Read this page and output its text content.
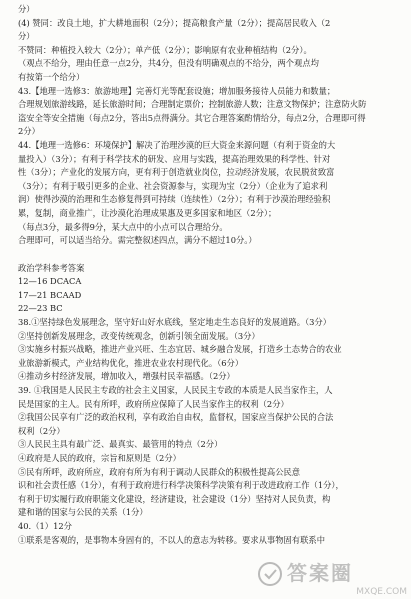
分）
(4) 赞同：改良土地，扩大耕地面积（2分）；提高粮食产量（2分）；提高居民收入（2
分）
不赞同：种植投入较大（2分）；单产低（2分）；影响原有农业种植结构（2分）。
（观点不给分，理由任意一点2分，共4分，但没有明确观点的不给分，两个观点均
有按第一个给分）
43.【地理一选修3：旅游地理】完善灯光等配套设施；增加服务接待人员能力和数量；
合理规划旅游线路，延长旅游时间；合理制定票价；控制旅游人数；注意文物保护；注意防火防
盗安全等安全措施（每点2分，答出5点得满分。其它合理答案酌情给分，每点2分，合理即可得
2分）
44.【地理一选修6：环境保护】解决了治理沙漠的巨大资金来源问题（有利于资金的大
量投入）（3分）；有利于科学技术的研发、应用与实践，提高治理效果的科学性、针对
性（3分）；产业化的发展方向，更有利于创造就业岗位，拉动经济发展，农民脱贫致富
（3分）；有利于吸引更多的企业、社会资源参与，实现为宝（2分）（企业为了追求利
润）使得沙漠的治理和生态修复得到可持续（连续性）（2分）；有利于沙漠治理经验积
累，复制，商业推广，让沙漠化治理成果惠及更多国家和地区（2分）；
（每点3分，最多得9分，某大点中的小点可以合理给分。
合理即可，可以适当给分。需完整叙述四点，满分不超过10分。）
政治学科参考答案
12—16 DCACA
17—21 BCAAD
22—23 BC
38.①坚持绿色发展理念，坚守好山好水底线，坚定地走生态良好的发展道路。（3分）
②坚持创新发展理念，改变传统观念，创新引领全面发展。（3分）
③实施乡村振兴战略，推进产业兴旺、生态宜居、城乡融合发展，打造乡土态势合的农业
业旅游新模式，产业结构优化，推进农业农村现代化。（6分）
④推动乡村经济发展，增加收入，增强村民幸福感。（2分）
39. ①我国是人民民主专政的社会主义国家，人民民主专政的本质是人民当家作主，人
民是国家的主人。民有所呼，政府所应保障了人民当家作主的权利（2分）
②我国公民享有广泛的政治权利，享有政治自由权，监督权，国家应当保护公民的合法
权利（2分）
③人民民主具有最广泛、最真实、最管用的特点（2分）
④政府是人民的政府，宗旨和原则是（2分）
⑤民有所呼，政府所应，政府有所为有利于调动人民群众的积极性提高公民意
识和社会责任感（1分），有利于政府进行科学决策科学决策有利于改进政府工作（1分），
有利于切实履行政府职能文化建设，经济建设，社会建设（1分）坚持对人民负责，构
建和谐的国家与公民的关系（1分）
40.（1）12分
①联系是客观的，是事物本身固有的，不以人的意志为转移。要求从事物固有联系中
答案圈
MXQE.COM
